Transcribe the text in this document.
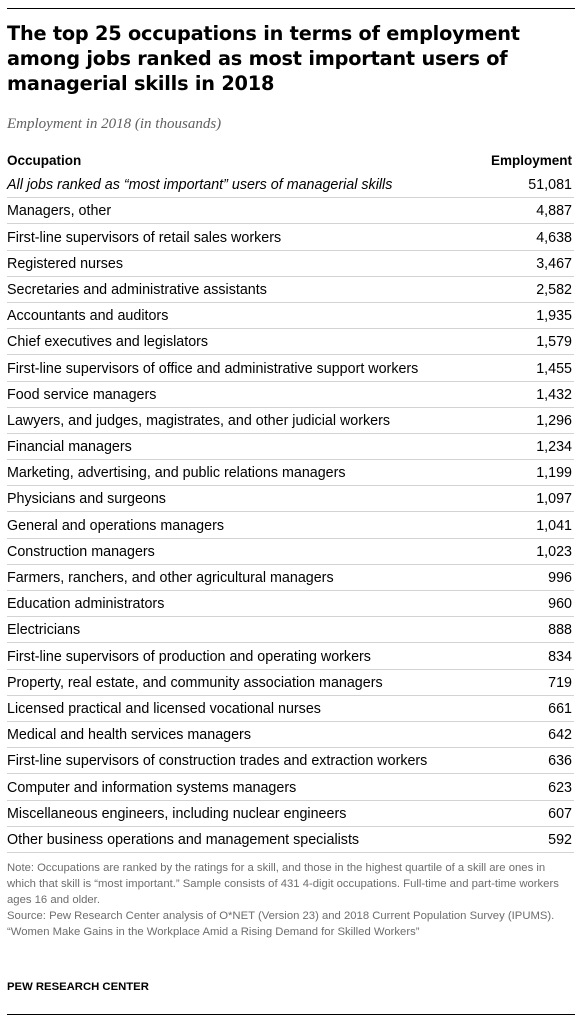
The top 25 occupations in terms of employment among jobs ranked as most important users of managerial skills in 2018
Employment in 2018 (in thousands)
Occupation	Employment
All jobs ranked as “most important” users of managerial skills	51,081
Managers, other	4,887
First-line supervisors of retail sales workers	4,638
Registered nurses	3,467
Secretaries and administrative assistants	2,582
Accountants and auditors	1,935
Chief executives and legislators	1,579
First-line supervisors of office and administrative support workers	1,455
Food service managers	1,432
Lawyers, and judges, magistrates, and other judicial workers	1,296
Financial managers	1,234
Marketing, advertising, and public relations managers	1,199
Physicians and surgeons	1,097
General and operations managers	1,041
Construction managers	1,023
Farmers, ranchers, and other agricultural managers	996
Education administrators	960
Electricians	888
First-line supervisors of production and operating workers	834
Property, real estate, and community association managers	719
Licensed practical and licensed vocational nurses	661
Medical and health services managers	642
First-line supervisors of construction trades and extraction workers	636
Computer and information systems managers	623
Miscellaneous engineers, including nuclear engineers	607
Other business operations and management specialists	592
Note: Occupations are ranked by the ratings for a skill, and those in the highest quartile of a skill are ones in which that skill is “most important.” Sample consists of 431 4-digit occupations. Full-time and part-time workers ages 16 and older.
Source: Pew Research Center analysis of O*NET (Version 23) and 2018 Current Population Survey (IPUMS).
“Women Make Gains in the Workplace Amid a Rising Demand for Skilled Workers”
PEW RESEARCH CENTER
